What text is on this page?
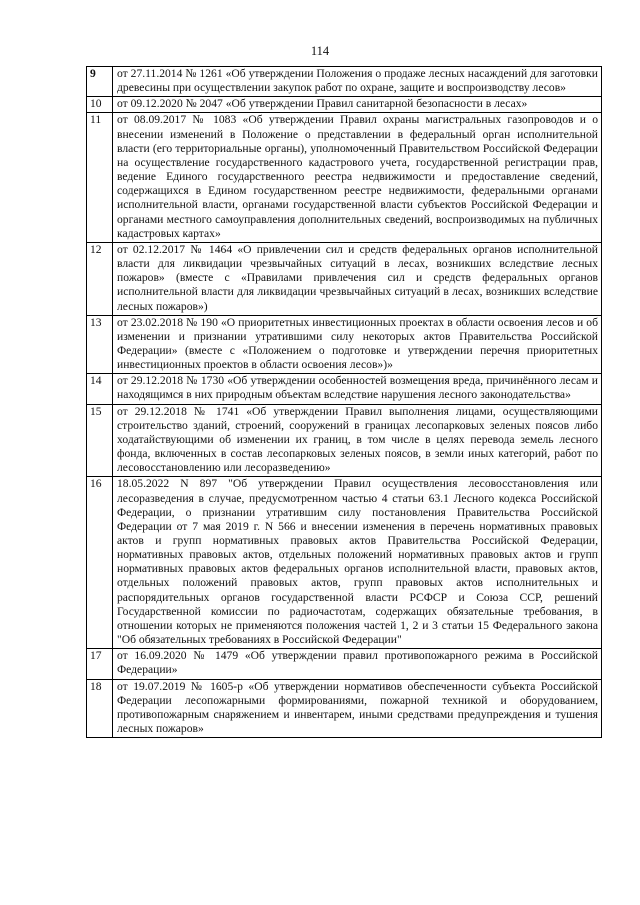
114
9	от 27.11.2014 № 1261 «Об утверждении Положения о продаже лесных насаждений для заготовки древесины при осуществлении закупок работ по охране, защите и воспроизводству лесов»
10	от 09.12.2020 № 2047 «Об утверждении Правил санитарной безопасности в лесах»
11	от 08.09.2017 № 1083 «Об утверждении Правил охраны магистральных газопроводов и о внесении изменений в Положение о представлении в федеральный орган исполнительной власти (его территориальные органы), уполномоченный Правительством Российской Федерации на осуществление государственного кадастрового учета, государственной регистрации прав, ведение Единого государственного реестра недвижимости и предоставление сведений, содержащихся в Едином государственном реестре недвижимости, федеральными органами исполнительной власти, органами государственной власти субъектов Российской Федерации и органами местного самоуправления дополнительных сведений, воспроизводимых на публичных кадастровых картах»
12	от 02.12.2017 № 1464 «О привлечении сил и средств федеральных органов исполнительной власти для ликвидации чрезвычайных ситуаций в лесах, возникших вследствие лесных пожаров» (вместе с «Правилами привлечения сил и средств федеральных органов исполнительной власти для ликвидации чрезвычайных ситуаций в лесах, возникших вследствие лесных пожаров»)
13	от 23.02.2018 № 190 «О приоритетных инвестиционных проектах в области освоения лесов и об изменении и признании утратившими силу некоторых актов Правительства Российской Федерации» (вместе с «Положением о подготовке и утверждении перечня приоритетных инвестиционных проектов в области освоения лесов»)»
14	от 29.12.2018 № 1730 «Об утверждении особенностей возмещения вреда, причинённого лесам и находящимся в них природным объектам вследствие нарушения лесного законодательства»
15	от 29.12.2018 № 1741 «Об утверждении Правил выполнения лицами, осуществляющими строительство зданий, строений, сооружений в границах лесопарковых зеленых поясов либо ходатайствующими об изменении их границ, в том числе в целях перевода земель лесного фонда, включенных в состав лесопарковых зеленых поясов, в земли иных категорий, работ по лесовосстановлению или лесоразведению»
16	18.05.2022 N 897 "Об утверждении Правил осуществления лесовосстановления или лесоразведения в случае, предусмотренном частью 4 статьи 63.1 Лесного кодекса Российской Федерации, о признании утратившим силу постановления Правительства Российской Федерации от 7 мая 2019 г. N 566 и внесении изменения в перечень нормативных правовых актов и групп нормативных правовых актов Правительства Российской Федерации, нормативных правовых актов, отдельных положений нормативных правовых актов и групп нормативных правовых актов федеральных органов исполнительной власти, правовых актов, отдельных положений правовых актов, групп правовых актов исполнительных и распорядительных органов государственной власти РСФСР и Союза ССР, решений Государственной комиссии по радиочастотам, содержащих обязательные требования, в отношении которых не применяются положения частей 1, 2 и 3 статьи 15 Федерального закона "Об обязательных требованиях в Российской Федерации"
17	от 16.09.2020 № 1479 «Об утверждении правил противопожарного режима в Российской Федерации»
18	от 19.07.2019 № 1605-р «Об утверждении нормативов обеспеченности субъекта Российской Федерации лесопожарными формированиями, пожарной техникой и оборудованием, противопожарным снаряжением и инвентарем, иными средствами предупреждения и тушения лесных пожаров»
